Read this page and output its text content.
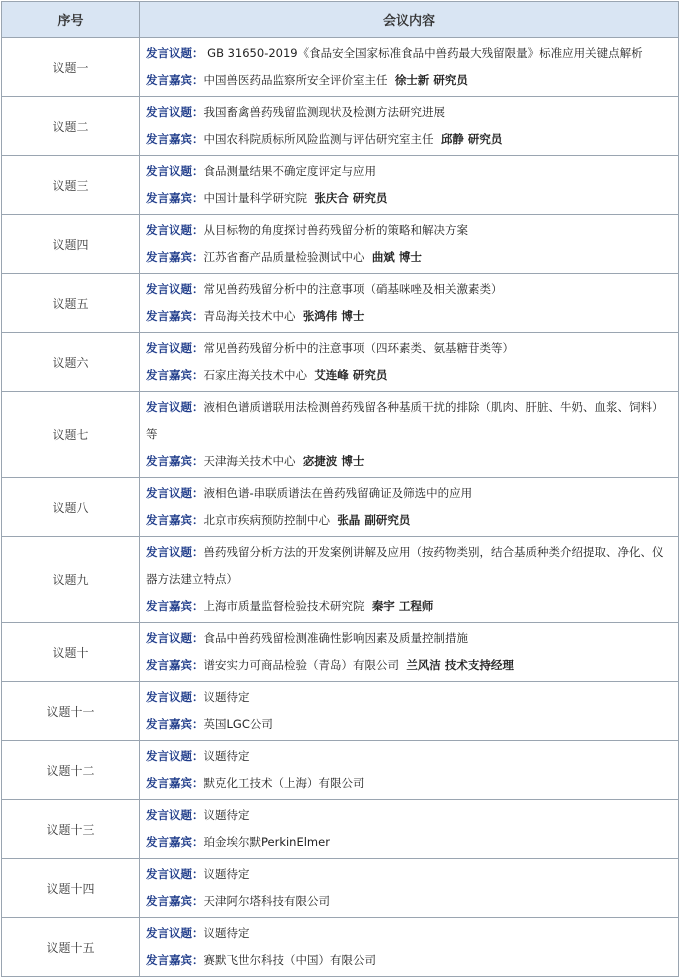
序号	会议内容
议题一	发言议题： GB 31650-2019《食品安全国家标准食品中兽药最大残留限量》标准应用关键点解析
发言嘉宾：中国兽医药品监察所安全评价室主任 徐士新 研究员

议题二	发言议题：我国畜禽兽药残留监测现状及检测方法研究进展
发言嘉宾：中国农科院质标所风险监测与评估研究室主任 邱静 研究员

议题三	发言议题：食品测量结果不确定度评定与应用
发言嘉宾：中国计量科学研究院 张庆合 研究员

议题四	发言议题：从目标物的角度探讨兽药残留分析的策略和解决方案
发言嘉宾：江苏省畜产品质量检验测试中心 曲斌 博士

议题五	发言议题：常见兽药残留分析中的注意事项（硝基咪唑及相关激素类）
发言嘉宾：青岛海关技术中心 张鸿伟 博士

议题六	发言议题：常见兽药残留分析中的注意事项（四环素类、氨基糖苷类等）
发言嘉宾：石家庄海关技术中心 艾连峰 研究员

议题七	发言议题：液相色谱质谱联用法检测兽药残留各种基质干扰的排除（肌肉、肝脏、牛奶、血浆、饲料）等
发言嘉宾：天津海关技术中心 宓捷波 博士

议题八	发言议题：液相色谱-串联质谱法在兽药残留确证及筛选中的应用
发言嘉宾：北京市疾病预防控制中心 张晶 副研究员

议题九	发言议题：兽药残留分析方法的开发案例讲解及应用（按药物类别，结合基质种类介绍提取、净化、仪器方法建立特点）
发言嘉宾：上海市质量监督检验技术研究院 秦宇 工程师

议题十	发言议题：食品中兽药残留检测准确性影响因素及质量控制措施
发言嘉宾：谱安实力可商品检验（青岛）有限公司 兰风洁 技术支持经理

议题十一	发言议题：议题待定
发言嘉宾：英国LGC公司

议题十二	发言议题：议题待定
发言嘉宾：默克化工技术（上海）有限公司

议题十三	发言议题：议题待定
发言嘉宾：珀金埃尔默PerkinElmer

议题十四	发言议题：议题待定
发言嘉宾：天津阿尔塔科技有限公司

议题十五	发言议题：议题待定
发言嘉宾：赛默飞世尔科技（中国）有限公司
